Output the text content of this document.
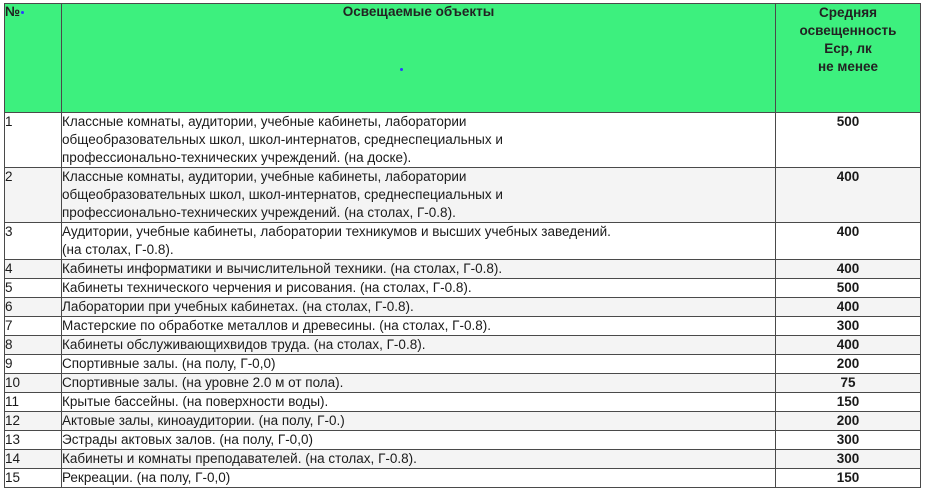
№	Освещаемые объекты	Средняя
освещенность
Еср, лк
не менее

1	Классные комнаты, аудитории, учебные кабинеты, лаборатории
общеобразовательных школ, школ-интернатов, среднеспециальных и
профессионально-технических учреждений. (на доске).	500
2	Классные комнаты, аудитории, учебные кабинеты, лаборатории
общеобразовательных школ, школ-интернатов, среднеспециальных и
профессионально-технических учреждений. (на столах, Г-0.8).	400
3	Аудитории, учебные кабинеты, лаборатории техникумов и высших учебных заведений.
(на столах, Г-0.8).	400
4	Кабинеты информатики и вычислительной техники. (на столах, Г-0.8).	400
5	Кабинеты технического черчения и рисования. (на столах, Г-0.8).	500
6	Лаборатории при учебных кабинетах. (на столах, Г-0.8).	400
7	Мастерские по обработке металлов и древесины. (на столах, Г-0.8).	300
8	Кабинеты обслуживающихвидов труда. (на столах, Г-0.8).	400
9	Спортивные залы. (на полу, Г-0,0)	200
10	Спортивные залы. (на уровне 2.0 м от пола).	75
11	Крытые бассейны. (на поверхности воды).	150
12	Актовые залы, киноаудитории. (на полу, Г-0.)	200
13	Эстрады актовых залов. (на полу, Г-0,0)	300
14	Кабинеты и комнаты преподавателей. (на столах, Г-0.8).	300
15	Рекреации. (на полу, Г-0,0)	150
